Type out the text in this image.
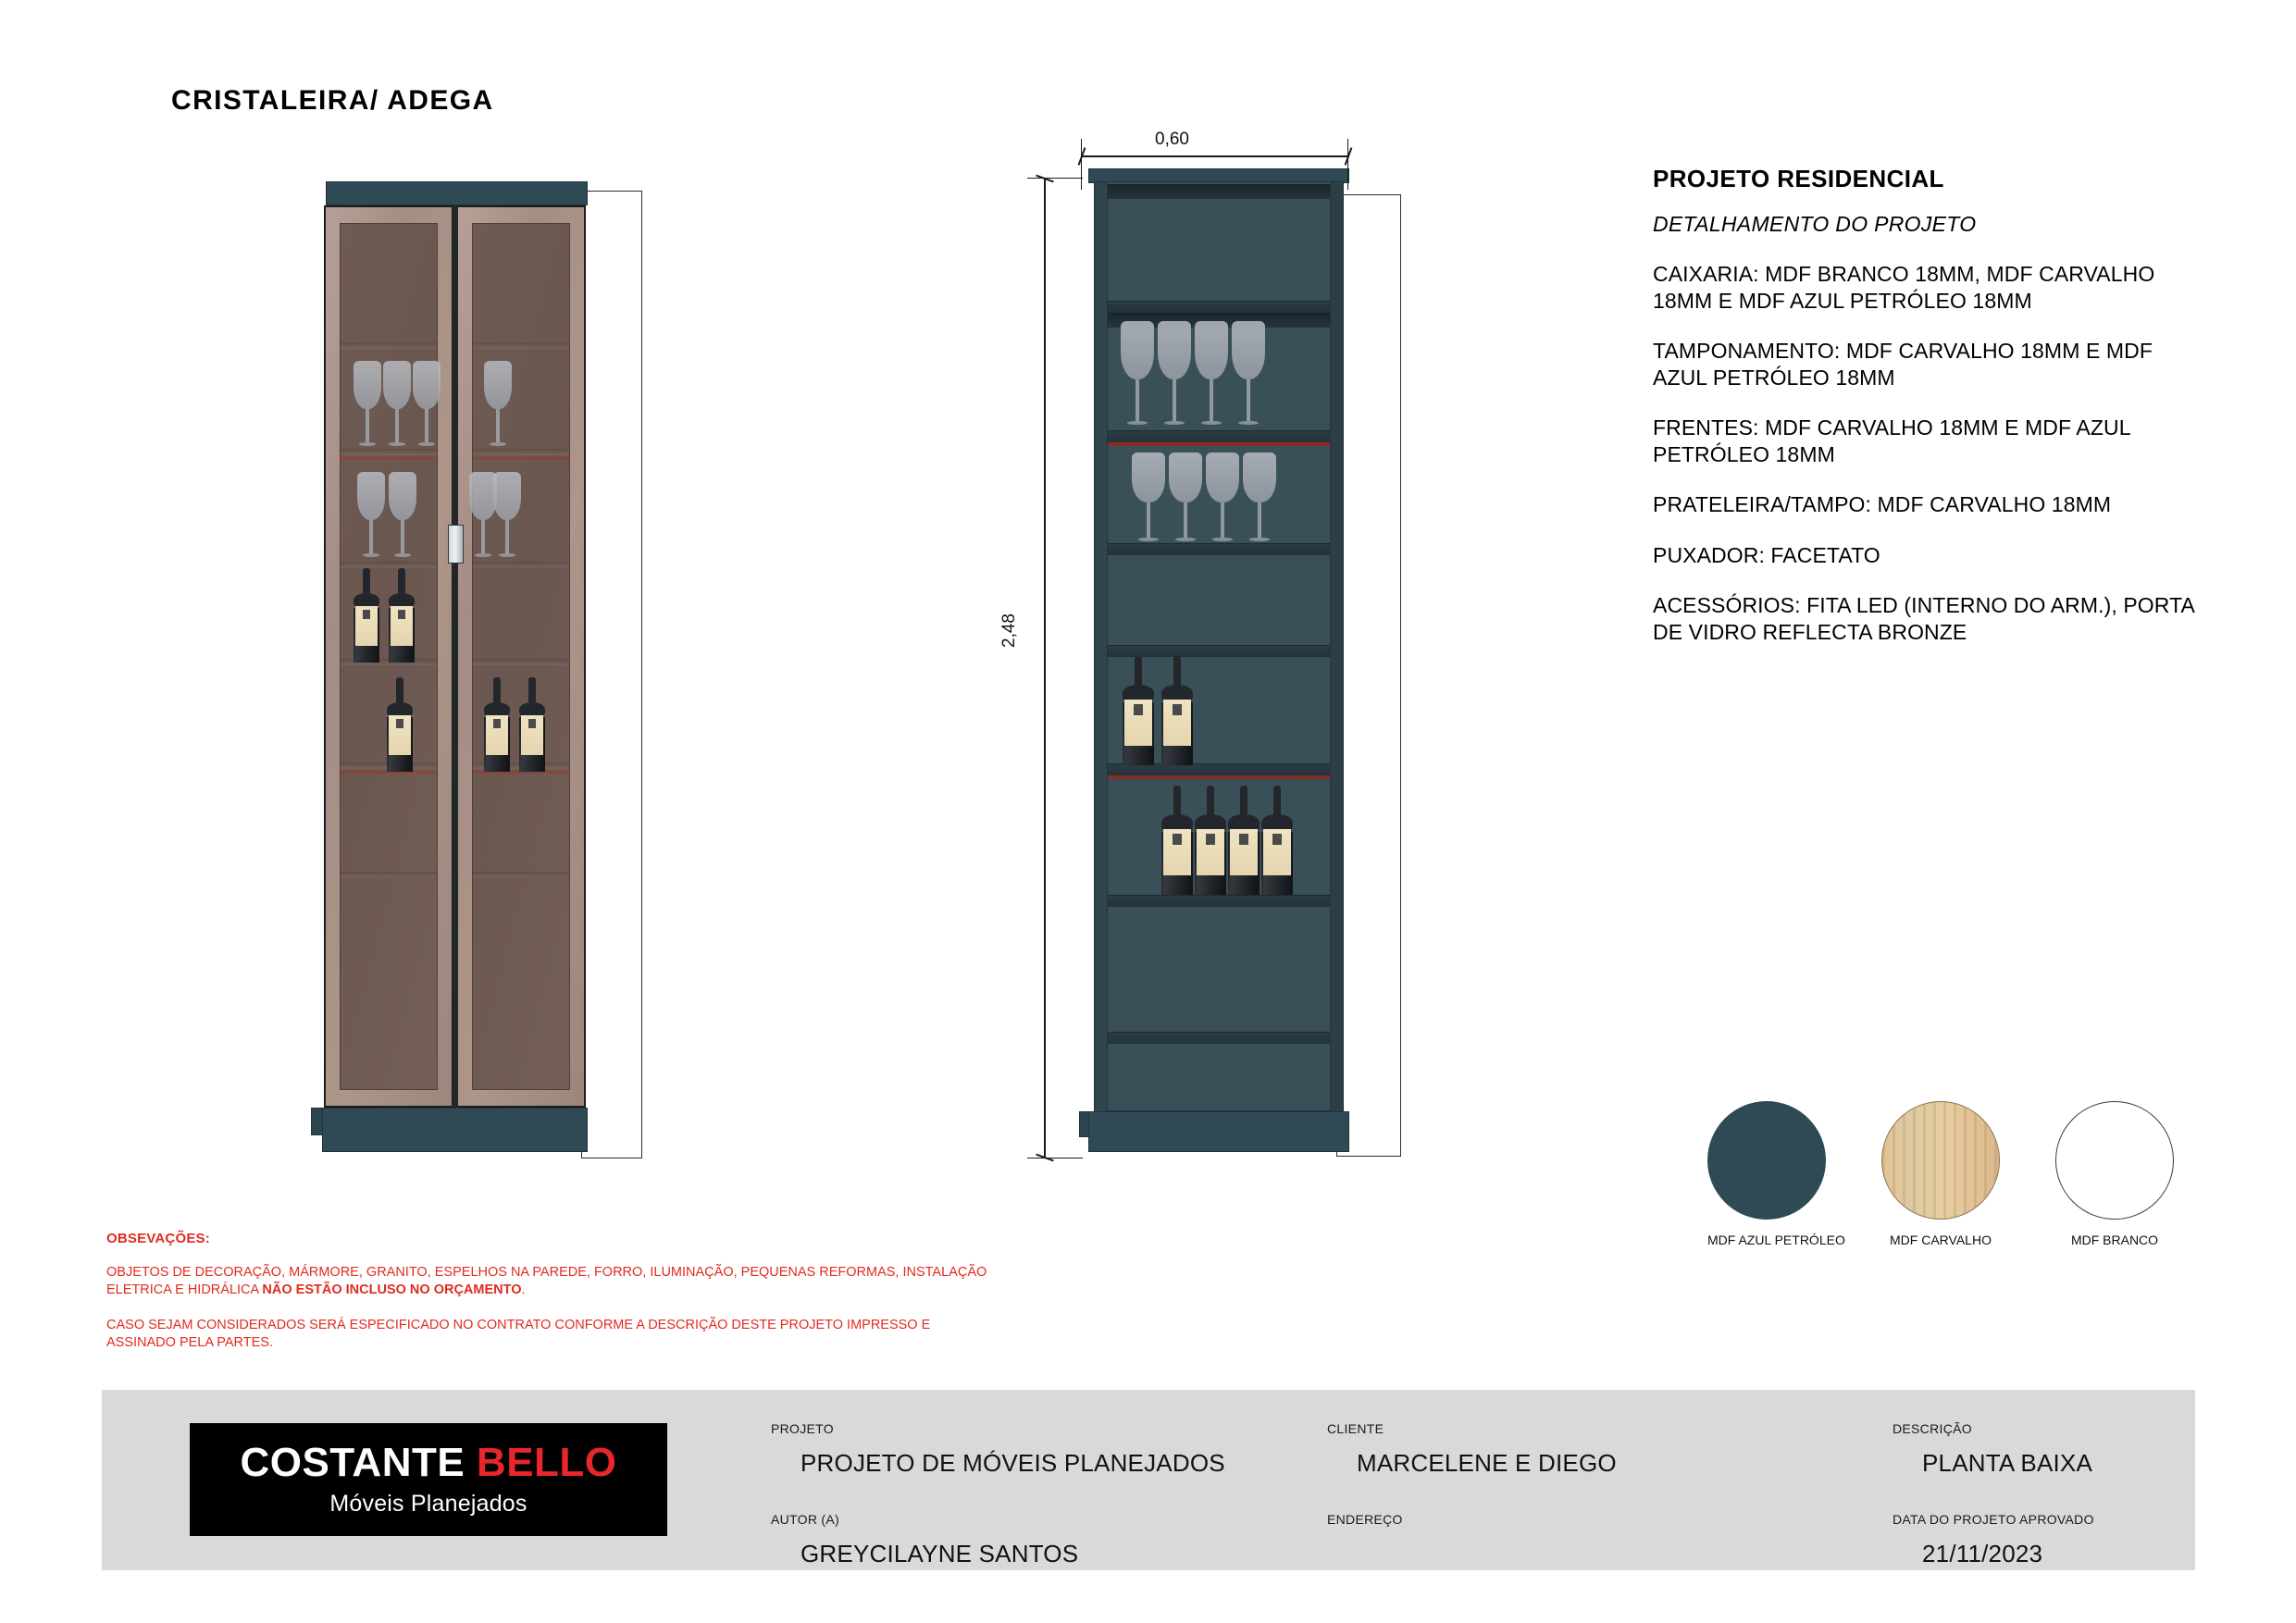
CRISTALEIRA/ ADEGA
0,60
2,48
PROJETO RESIDENCIAL
DETALHAMENTO DO PROJETO
CAIXARIA: MDF BRANCO 18MM, MDF CARVALHO 18MM E MDF AZUL PETRÓLEO 18MM
TAMPONAMENTO: MDF CARVALHO 18MM E MDF AZUL PETRÓLEO 18MM
FRENTES: MDF CARVALHO 18MM E MDF AZUL PETRÓLEO 18MM
PRATELEIRA/TAMPO: MDF CARVALHO 18MM
PUXADOR: FACETATO
ACESSÓRIOS: FITA LED (INTERNO DO ARM.), PORTA DE VIDRO REFLECTA BRONZE
MDF AZUL PETRÓLEO	MDF CARVALHO	MDF BRANCO
OBSEVAÇÕES:
OBJETOS DE DECORAÇÃO, MÁRMORE, GRANITO, ESPELHOS NA PAREDE, FORRO, ILUMINAÇÃO, PEQUENAS REFORMAS, INSTALAÇÃO ELETRICA E HIDRÁLICA NÃO ESTÃO INCLUSO NO ORÇAMENTO.
CASO SEJAM CONSIDERADOS SERÁ ESPECIFICADO NO CONTRATO CONFORME A DESCRIÇÃO DESTE PROJETO IMPRESSO E ASSINADO PELA PARTES.
COSTANTE BELLO
Móveis Planejados
PROJETO
PROJETO DE MÓVEIS PLANEJADOS
AUTOR (A)
GREYCILAYNE SANTOS
CLIENTE
MARCELENE E DIEGO
ENDEREÇO
DESCRIÇÃO
PLANTA BAIXA
DATA DO PROJETO APROVADO
21/11/2023
